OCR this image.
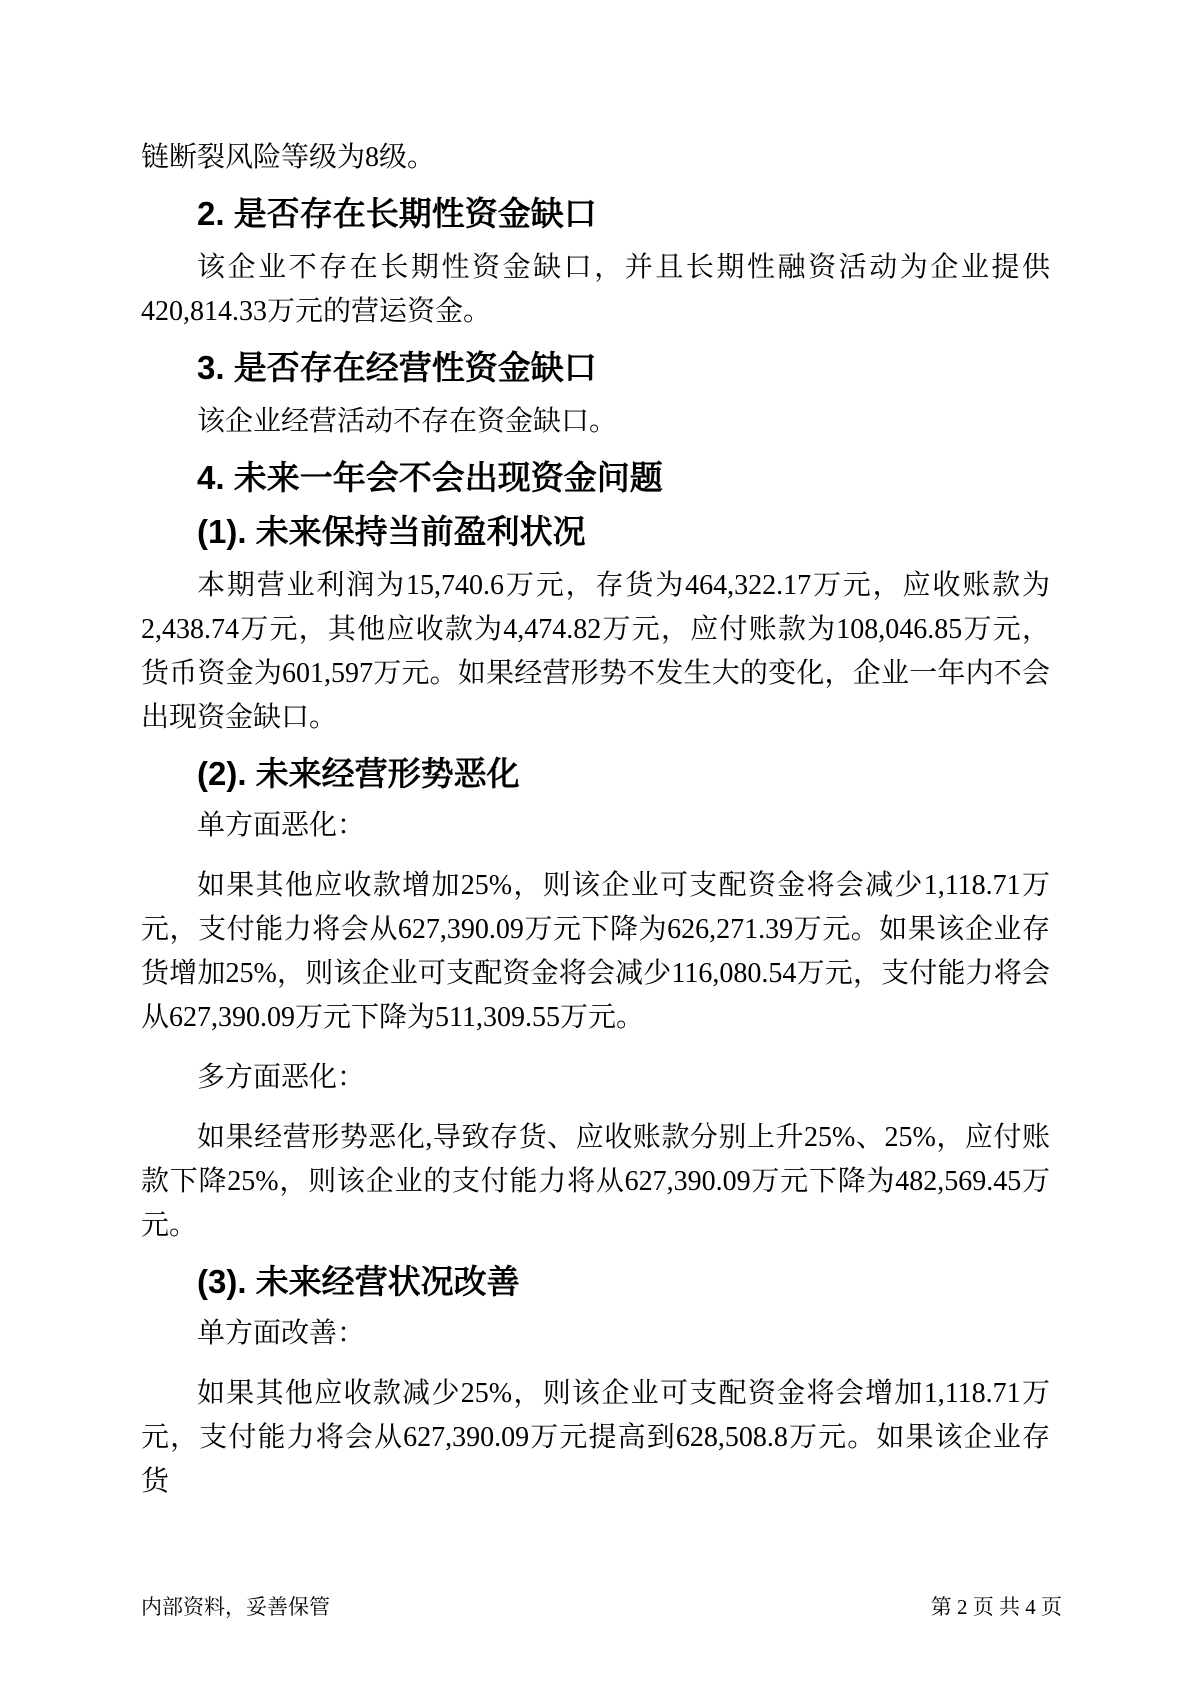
链断裂风险等级为8级。

2. 是否存在长期性资金缺口

该企业不存在长期性资金缺口，并且长期性融资活动为企业提供420,814.33万元的营运资金。

3. 是否存在经营性资金缺口

该企业经营活动不存在资金缺口。

4. 未来一年会不会出现资金问题
(1). 未来保持当前盈利状况

本期营业利润为15,740.6万元，存货为464,322.17万元，应收账款为2,438.74万元，其他应收款为4,474.82万元，应付账款为108,046.85万元，货币资金为601,597万元。如果经营形势不发生大的变化，企业一年内不会出现资金缺口。

(2). 未来经营形势恶化

单方面恶化：

如果其他应收款增加25%，则该企业可支配资金将会减少1,118.71万元，支付能力将会从627,390.09万元下降为626,271.39万元。如果该企业存货增加25%，则该企业可支配资金将会减少116,080.54万元，支付能力将会从627,390.09万元下降为511,309.55万元。

多方面恶化：

如果经营形势恶化,导致存货、应收账款分别上升25%、25%，应付账款下降25%，则该企业的支付能力将从627,390.09万元下降为482,569.45万元。

(3). 未来经营状况改善

单方面改善：

如果其他应收款减少25%，则该企业可支配资金将会增加1,118.71万元，支付能力将会从627,390.09万元提高到628,508.8万元。如果该企业存货

内部资料，妥善保管	第 2 页 共 4 页
